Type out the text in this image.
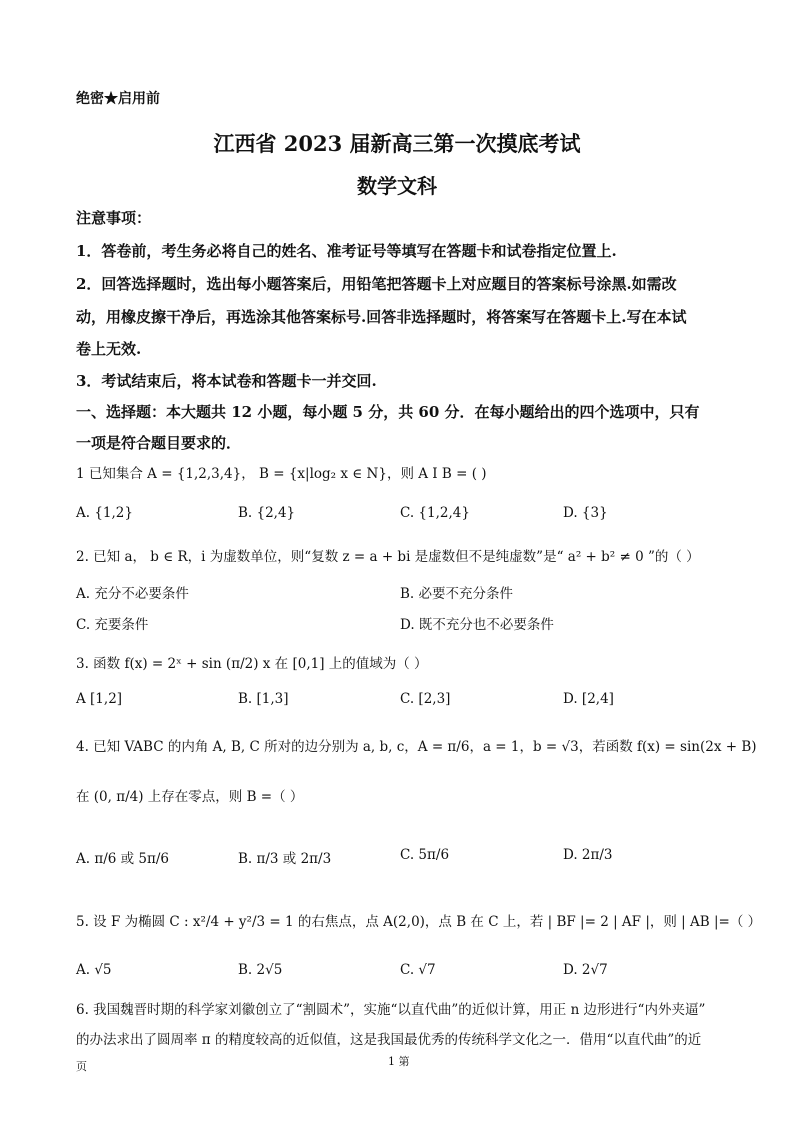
绝密★启用前
江西省 2023 届新高三第一次摸底考试
数学文科
注意事项：
1．答卷前，考生务必将自己的姓名、准考证号等填写在答题卡和试卷指定位置上.
2．回答选择题时，选出每小题答案后，用铅笔把答题卡上对应题目的答案标号涂黑.如需改
动，用橡皮擦干净后，再选涂其他答案标号.回答非选择题时，将答案写在答题卡上.写在本试
卷上无效.
3．考试结束后，将本试卷和答题卡一并交回.
一、选择题：本大题共 12 小题，每小题 5 分，共 60 分．在每小题给出的四个选项中，只有
一项是符合题目要求的．
1 已知集合 A = {1,2,3,4}， B = {x|log₂ x ∈ N}，则 A I B = ( )
A. {1,2}	B. {2,4}	C. {1,2,4}	D. {3}
2. 已知 a， b ∈ R，i 为虚数单位，则“复数 z = a + bi 是虚数但不是纯虚数”是“ a² + b² ≠ 0 ”的（ ）
A. 充分不必要条件	B. 必要不充分条件
C. 充要条件	D. 既不充分也不必要条件
3. 函数 f(x) = 2ˣ + sin (π/2) x 在 [0,1] 上的值域为（ ）
A [1,2]	B. [1,3]	C. [2,3]	D. [2,4]
4. 已知 VABC 的内角 A, B, C 所对的边分别为 a, b, c，A = π/6，a = 1，b = √3，若函数 f(x) = sin(2x + B)
在 (0, π/4) 上存在零点，则 B =（ ）
A. π/6 或 5π/6	B. π/3 或 2π/3	C. 5π/6	D. 2π/3
5. 设 F 为椭圆 C : x²/4 + y²/3 = 1 的右焦点，点 A(2,0)，点 B 在 C 上，若 | BF |= 2 | AF |，则 | AB |=（ ）
A. √5	B. 2√5	C. √7	D. 2√7
6. 我国魏晋时期的科学家刘徽创立了“割圆术”，实施“以直代曲”的近似计算，用正 n 边形进行“内外夹逼”
的办法求出了圆周率 π 的精度较高的近似值，这是我国最优秀的传统科学文化之一．借用“以直代曲”的近
页	1 第
